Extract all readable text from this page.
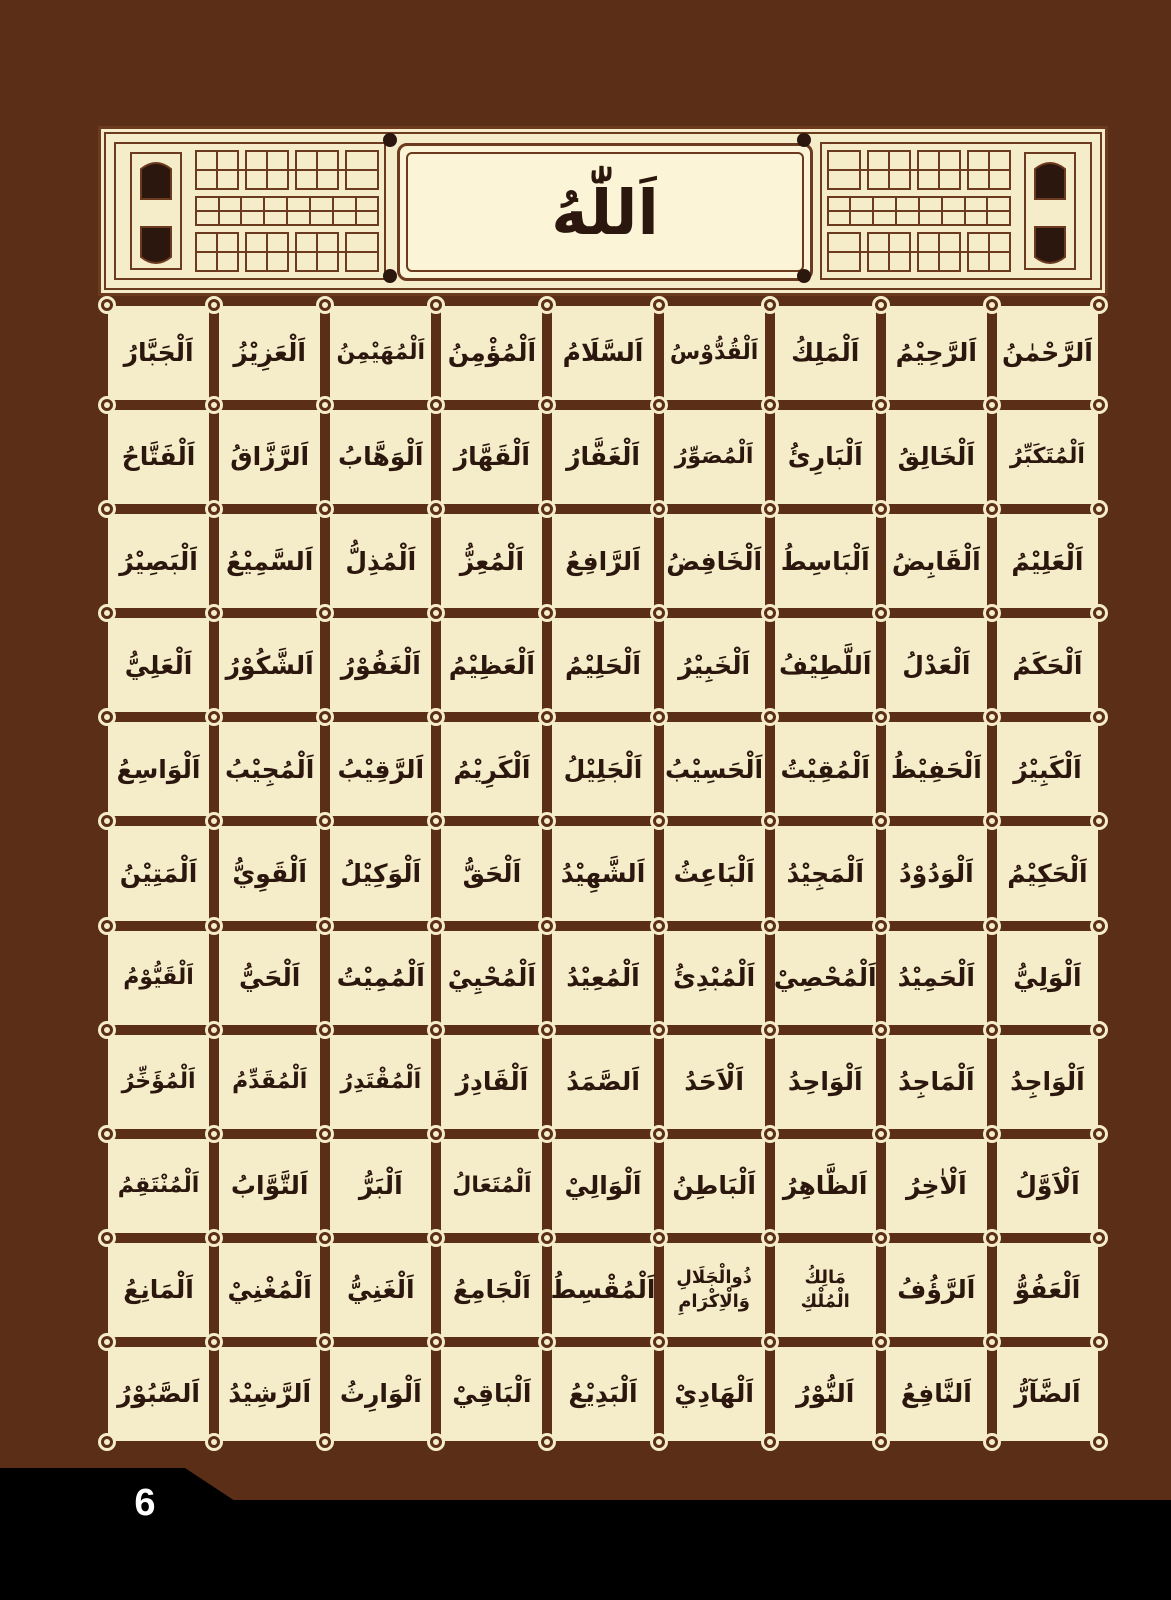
اَللّٰهُ
اَلرَّحْمٰنُ
اَلرَّحِيْمُ
اَلْمَلِكُ
اَلْقُدُّوْسُ
اَلسَّلَامُ
اَلْمُؤْمِنُ
اَلْمُهَيْمِنُ
اَلْعَزِيْزُ
اَلْجَبَّارُ
اَلْمُتَكَبِّرُ
اَلْخَالِقُ
اَلْبَارِئُ
اَلْمُصَوِّرُ
اَلْغَفَّارُ
اَلْقَهَّارُ
اَلْوَهَّابُ
اَلرَّزَّاقُ
اَلْفَتَّاحُ
اَلْعَلِيْمُ
اَلْقَابِضُ
اَلْبَاسِطُ
اَلْخَافِضُ
اَلرَّافِعُ
اَلْمُعِزُّ
اَلْمُذِلُّ
اَلسَّمِيْعُ
اَلْبَصِيْرُ
اَلْحَكَمُ
اَلْعَدْلُ
اَللَّطِيْفُ
اَلْخَبِيْرُ
اَلْحَلِيْمُ
اَلْعَظِيْمُ
اَلْغَفُوْرُ
اَلشَّكُوْرُ
اَلْعَلِيُّ
اَلْكَبِيْرُ
اَلْحَفِيْظُ
اَلْمُقِيْتُ
اَلْحَسِيْبُ
اَلْجَلِيْلُ
اَلْكَرِيْمُ
اَلرَّقِيْبُ
اَلْمُجِيْبُ
اَلْوَاسِعُ
اَلْحَكِيْمُ
اَلْوَدُوْدُ
اَلْمَجِيْدُ
اَلْبَاعِثُ
اَلشَّهِيْدُ
اَلْحَقُّ
اَلْوَكِيْلُ
اَلْقَوِيُّ
اَلْمَتِيْنُ
اَلْوَلِيُّ
اَلْحَمِيْدُ
اَلْمُحْصِيْ
اَلْمُبْدِئُ
اَلْمُعِيْدُ
اَلْمُحْيِيْ
اَلْمُمِيْتُ
اَلْحَيُّ
اَلْقَيُّوْمُ
اَلْوَاجِدُ
اَلْمَاجِدُ
اَلْوَاحِدُ
اَلْاَحَدُ
اَلصَّمَدُ
اَلْقَادِرُ
اَلْمُقْتَدِرُ
اَلْمُقَدِّمُ
اَلْمُؤَخِّرُ
اَلْاَوَّلُ
اَلْاٰخِرُ
اَلظَّاهِرُ
اَلْبَاطِنُ
اَلْوَالِيْ
اَلْمُتَعَالُ
اَلْبَرُّ
اَلتَّوَّابُ
اَلْمُنْتَقِمُ
اَلْعَفُوُّ
اَلرَّؤُفُ
مَالِكُ
الْمُلْكِ
ذُوالْجَلَالِ
وَالْاِكْرَامِ
اَلْمُقْسِطُ
اَلْجَامِعُ
اَلْغَنِيُّ
اَلْمُغْنِيْ
اَلْمَانِعُ
اَلضَّآرُّ
اَلنَّافِعُ
اَلنُّوْرُ
اَلْهَادِيْ
اَلْبَدِيْعُ
اَلْبَاقِيْ
اَلْوَارِثُ
اَلرَّشِيْدُ
اَلصَّبُوْرُ
6
